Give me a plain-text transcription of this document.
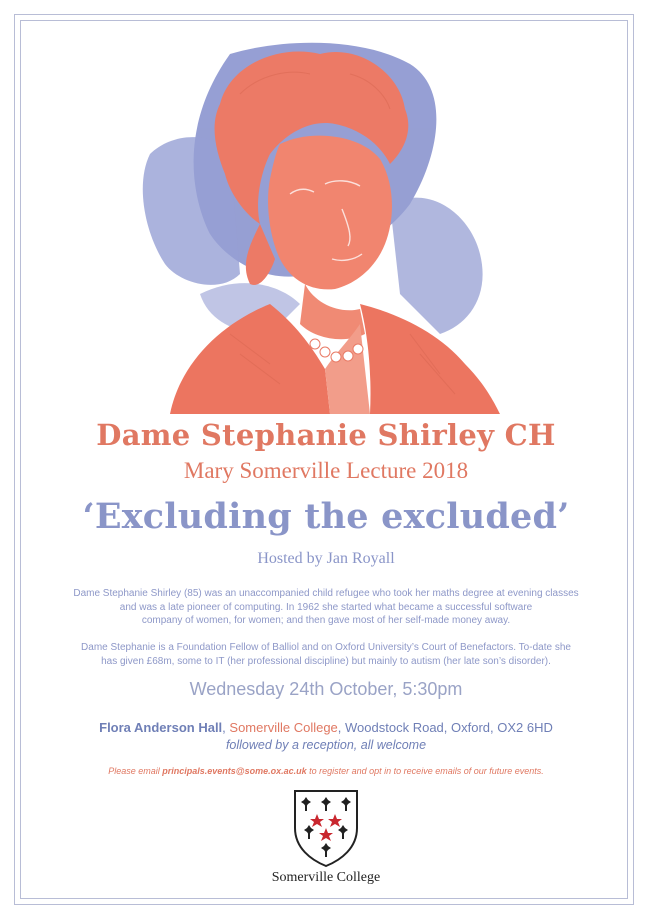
Dame Stephanie Shirley CH
Mary Somerville Lecture 2018
‘Excluding the excluded’
Hosted by Jan Royall
Dame Stephanie Shirley (85) was an unaccompanied child refugee who took her maths degree at evening classes
and was a late pioneer of computing. In 1962 she started what became a successful software
company of women, for women; and then gave most of her self-made money away.
Dame Stephanie is a Foundation Fellow of Balliol and on Oxford University’s Court of Benefactors. To-date she
has given £68m, some to IT (her professional discipline) but mainly to autism (her late son’s disorder).
Wednesday 24th October, 5:30pm
Flora Anderson Hall, Somerville College, Woodstock Road, Oxford, OX2 6HD
followed by a reception, all welcome
Please email principals.events@some.ox.ac.uk to register and opt in to receive emails of our future events.
Somerville College
